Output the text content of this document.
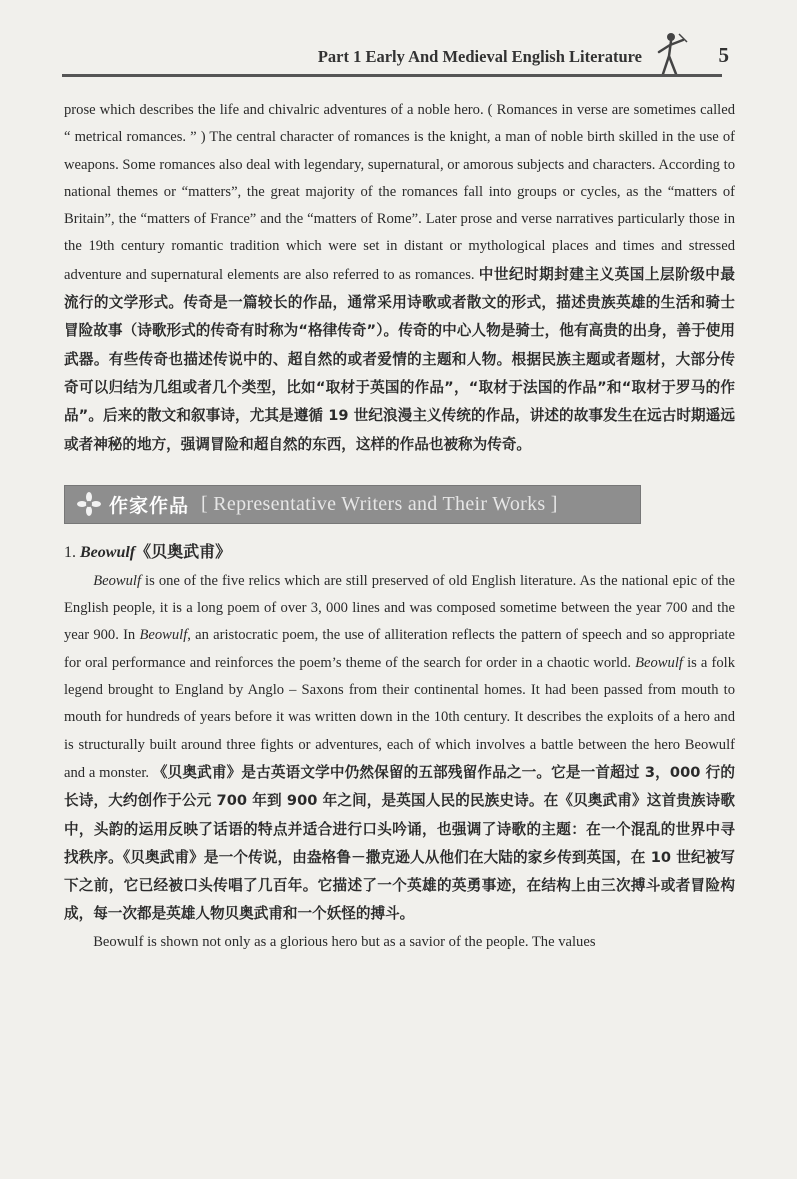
Part 1 Early And Medieval English Literature	5

prose which describes the life and chivalric adventures of a noble hero. ( Romances in verse are sometimes called “ metrical romances. ” ) The central character of romances is the knight, a man of noble birth skilled in the use of weapons. Some romances also deal with legendary, supernatural, or amorous subjects and characters. According to national themes or “matters”, the great majority of the romances fall into groups or cycles, as the “matters of Britain”, the “matters of France” and the “matters of Rome”. Later prose and verse narratives particularly those in the 19th century romantic tradition which were set in distant or mythological places and times and stressed adventure and supernatural elements are also referred to as romances. 中世纪时期封建主义英国上层阶级中最流行的文学形式。传奇是一篇较长的作品，通常采用诗歌或者散文的形式，描述贵族英雄的生活和骑士冒险故事（诗歌形式的传奇有时称为“格律传奇”）。传奇的中心人物是骑士，他有高贵的出身，善于使用武器。有些传奇也描述传说中的、超自然的或者爱情的主题和人物。根据民族主题或者题材，大部分传奇可以归结为几组或者几个类型，比如“取材于英国的作品”，“取材于法国的作品”和“取材于罗马的作品”。后来的散文和叙事诗，尤其是遵循 19 世纪浪漫主义传统的作品，讲述的故事发生在远古时期遥远或者神秘的地方，强调冒险和超自然的东西，这样的作品也被称为传奇。

作家作品 [ Representative Writers and Their Works ]
1. Beowulf《贝奥武甫》

Beowulf is one of the five relics which are still preserved of old English literature. As the national epic of the English people, it is a long poem of over 3, 000 lines and was composed sometime between the year 700 and the year 900. In Beowulf, an aristocratic poem, the use of alliteration reflects the pattern of speech and so appropriate for oral performance and reinforces the poem’s theme of the search for order in a chaotic world. Beowulf is a folk legend brought to England by Anglo – Saxons from their continental homes. It had been passed from mouth to mouth for hundreds of years before it was written down in the 10th century. It describes the exploits of a hero and is structurally built around three fights or adventures, each of which involves a battle between the hero Beowulf and a monster. 《贝奥武甫》是古英语文学中仍然保留的五部残留作品之一。它是一首超过 3，000 行的长诗，大约创作于公元 700 年到 900 年之间，是英国人民的民族史诗。在《贝奥武甫》这首贵族诗歌中，头韵的运用反映了话语的特点并适合进行口头吟诵，也强调了诗歌的主题：在一个混乱的世界中寻找秩序。《贝奥武甫》是一个传说，由盎格鲁－撒克逊人从他们在大陆的家乡传到英国，在 10 世纪被写下之前，它已经被口头传唱了几百年。它描述了一个英雄的英勇事迹，在结构上由三次搏斗或者冒险构成，每一次都是英雄人物贝奥武甫和一个妖怪的搏斗。

Beowulf is shown not only as a glorious hero but as a savior of the people. The values
